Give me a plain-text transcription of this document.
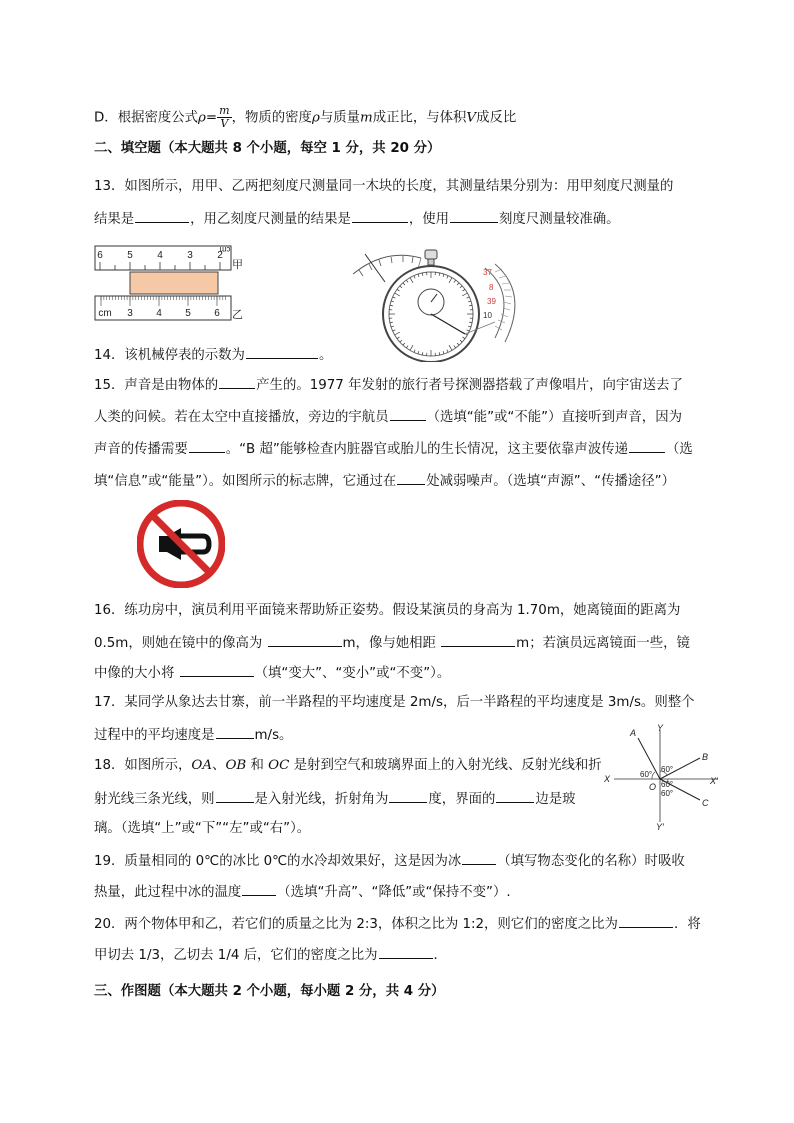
D．根据密度公式$\rho= \frac{m}{V}$ ，物质的密度ρ与质量m成正比，与体积V成反比
二、填空题（本大题共 8 个小题，每空 1 分，共 20 分）
13．如图所示，用甲、乙两把刻度尺测量同一木块的长度，其测量结果分别为：用甲刻度尺测量的
结果是	，用乙刻度尺测量的结果是	，使用	刻度尺测量较准确。
6 5 4 3 2
cm
甲
cm 3 4 5 6 乙
37
8
39
10
14．该机械停表的示数为	。
15．声音是由物体的	产生的。1977 年发射的旅行者号探测器搭载了声像唱片，向宇宙送去了
人类的问候。若在太空中直接播放，旁边的宇航员	（选填“能”或“不能”）直接听到声音，因为
声音的传播需要	。“B 超”能够检查内脏器官或胎儿的生长情况，这主要依靠声波传递	（选
填“信息”或“能量”）。如图所示的标志牌，它通过在 处减弱噪声。（选填“声源”、“传播途径”）
16．练功房中，演员利用平面镜来帮助矫正姿势。假设某演员的身高为 1.70m，她离镜面的距离为
0.5m，则她在镜中的像高为	m，像与她相距	m；若演员远离镜面一些，镜
中像的大小将	（填“变大”、“变小”或“不变”）。
17．某同学从象达去甘寨，前一半路程的平均速度是 2m/s，后一半路程的平均速度是 3m/s。则整个
过程中的平均速度是	m/s。
18．如图所示，OA、OB 和 OC 是射到空气和玻璃界面上的入射光线、反射光线和折
射光线三条光线，则	是入射光线，折射角为	度，界面的	边是玻
璃。（选填“上”或“下”“左”或“右”）。
A
B
C
O
X	X′
Y
Y′
60°
60°
60°
60°
19．质量相同的 0℃的冰比 0℃的水冷却效果好，这是因为冰	（填写物态变化的名称）时吸收
热量，此过程中冰的温度	（选填“升高”、“降低”或“保持不变”）.
20．两个物体甲和乙，若它们的质量之比为 2:3，体积之比为 1:2，则它们的密度之比为	．将
甲切去 1/3，乙切去 1/4 后，它们的密度之比为	．
三、作图题（本大题共 2 个小题，每小题 2 分，共 4 分）
